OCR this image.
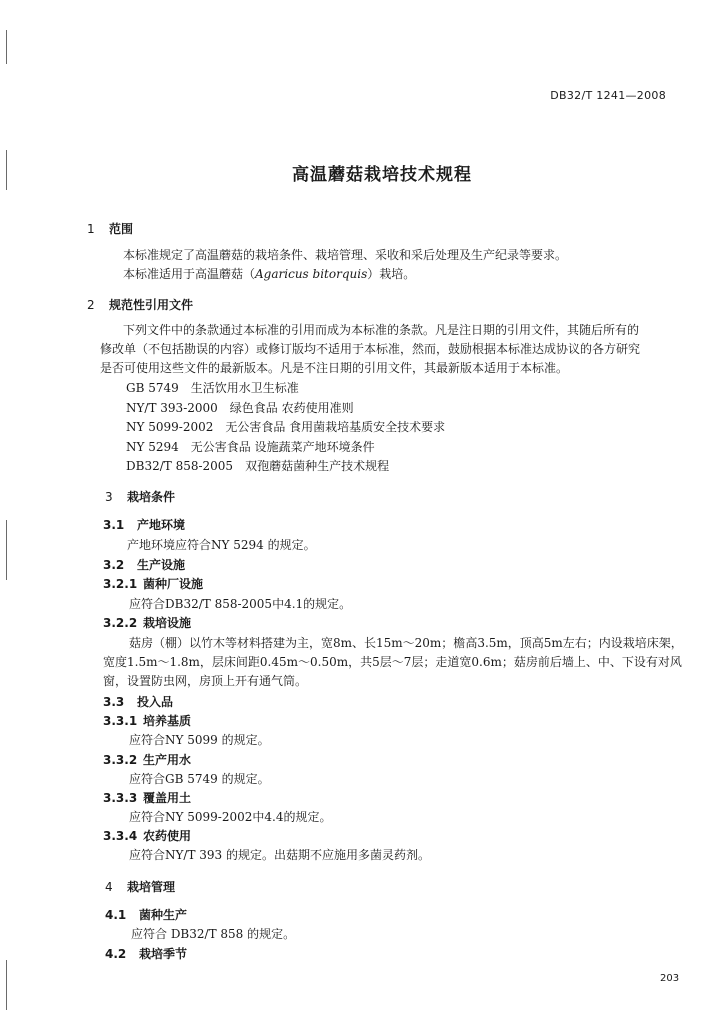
DB32/T 1241—2008
高温蘑菇栽培技术规程
1 范围
本标准规定了高温蘑菇的栽培条件、栽培管理、采收和采后处理及生产纪录等要求。
本标准适用于高温蘑菇（Agaricus bitorquis）栽培。
2 规范性引用文件
下列文件中的条款通过本标准的引用而成为本标准的条款。凡是注日期的引用文件，其随后所有的
修改单（不包括勘误的内容）或修订版均不适用于本标准，然而，鼓励根据本标准达成协议的各方研究
是否可使用这些文件的最新版本。凡是不注日期的引用文件，其最新版本适用于本标准。
GB 5749　生活饮用水卫生标准
NY/T 393-2000　绿色食品 农药使用准则
NY 5099-2002　无公害食品 食用菌栽培基质安全技术要求
NY 5294　无公害食品 设施蔬菜产地环境条件
DB32/T 858-2005　双孢蘑菇菌种生产技术规程
3 栽培条件
3.1 产地环境
产地环境应符合NY 5294 的规定。
3.2 生产设施
3.2.1 菌种厂设施
应符合DB32/T 858-2005中4.1的规定。
3.2.2 栽培设施
菇房（棚）以竹木等材料搭建为主，宽8m、长15m～20m；檐高3.5m，顶高5m左右；内设栽培床架，
宽度1.5m～1.8m，层床间距0.45m～0.50m，共5层～7层；走道宽0.6m；菇房前后墙上、中、下设有对风
窗，设置防虫网，房顶上开有通气筒。
3.3 投入品
3.3.1 培养基质
应符合NY 5099 的规定。
3.3.2 生产用水
应符合GB 5749 的规定。
3.3.3 覆盖用土
应符合NY 5099-2002中4.4的规定。
3.3.4 农药使用
应符合NY/T 393 的规定。出菇期不应施用多菌灵药剂。
4 栽培管理
4.1 菌种生产
应符合 DB32/T 858 的规定。
4.2 栽培季节
203
